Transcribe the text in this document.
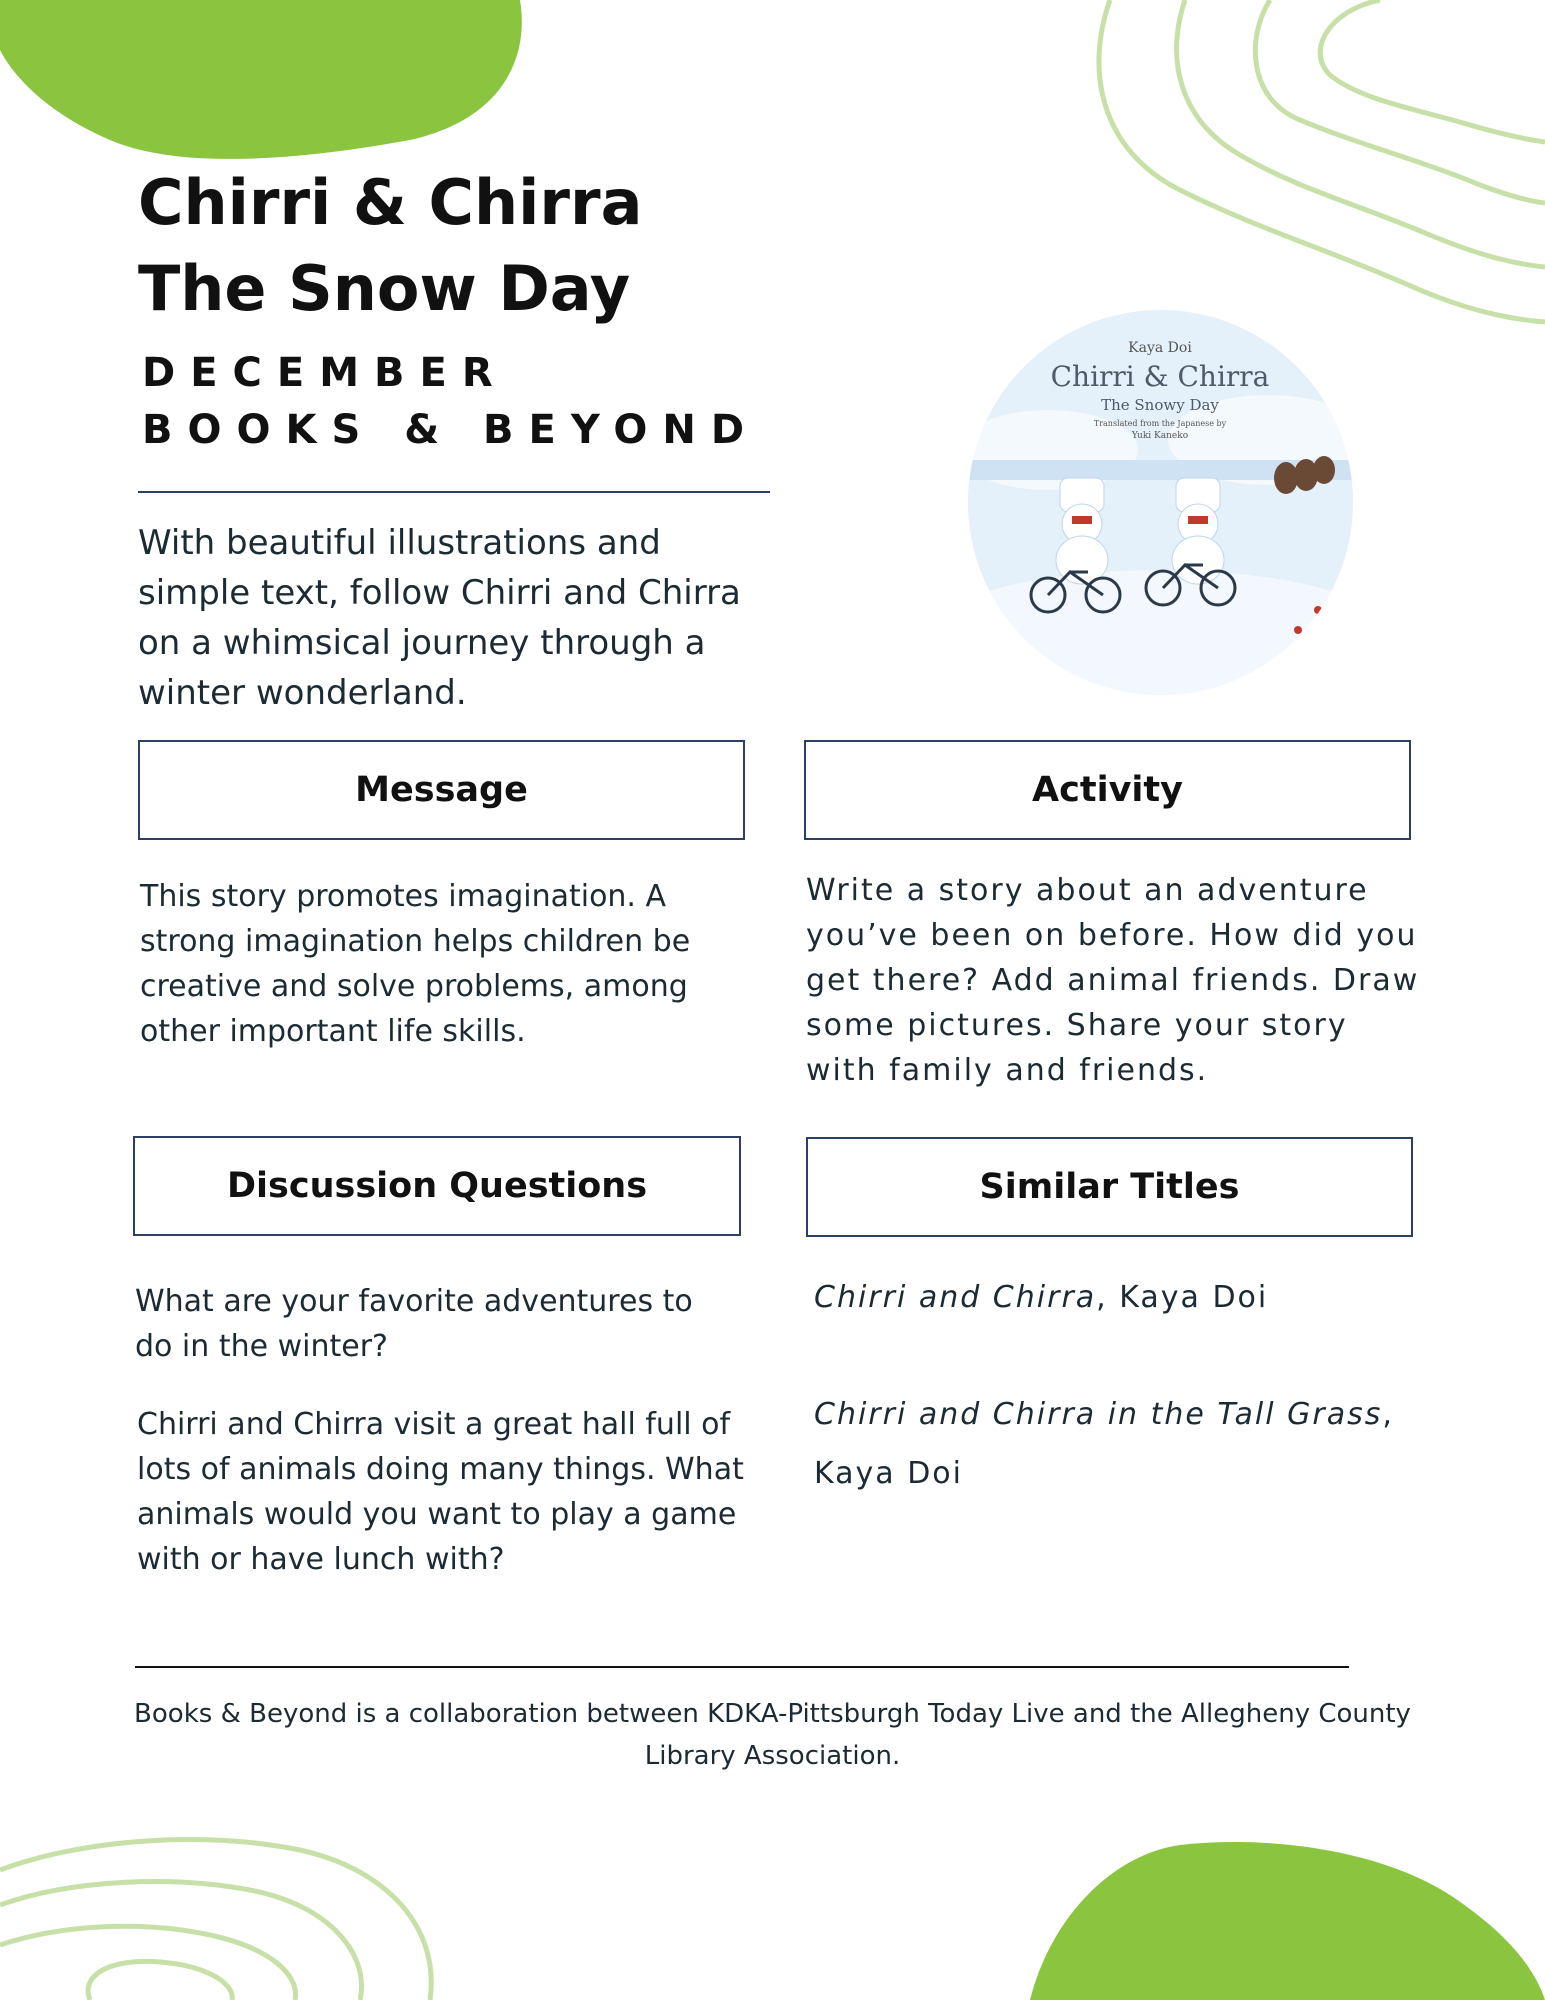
Chirri & Chirra
The Snow Day
DECEMBER
BOOKS & BEYOND
With beautiful illustrations and simple text, follow Chirri and Chirra on a whimsical journey through a winter wonderland.
Kaya Doi
Chirri & Chirra
The Snowy Day
Translated from the Japanese by
Yuki Kaneko
Message	Activity
This story promotes imagination. A strong imagination helps children be creative and solve problems, among other important life skills.
Write a story about an adventure you’ve been on before. How did you get there? Add animal friends. Draw some pictures. Share your story with family and friends.
Discussion Questions	Similar Titles
What are your favorite adventures to do in the winter?
Chirri and Chirra visit a great hall full of lots of animals doing many things. What animals would you want to play a game with or have lunch with?
Chirri and Chirra, Kaya Doi
Chirri and Chirra in the Tall Grass, Kaya Doi
Books & Beyond is a collaboration between KDKA-Pittsburgh Today Live and the Allegheny County Library Association.
